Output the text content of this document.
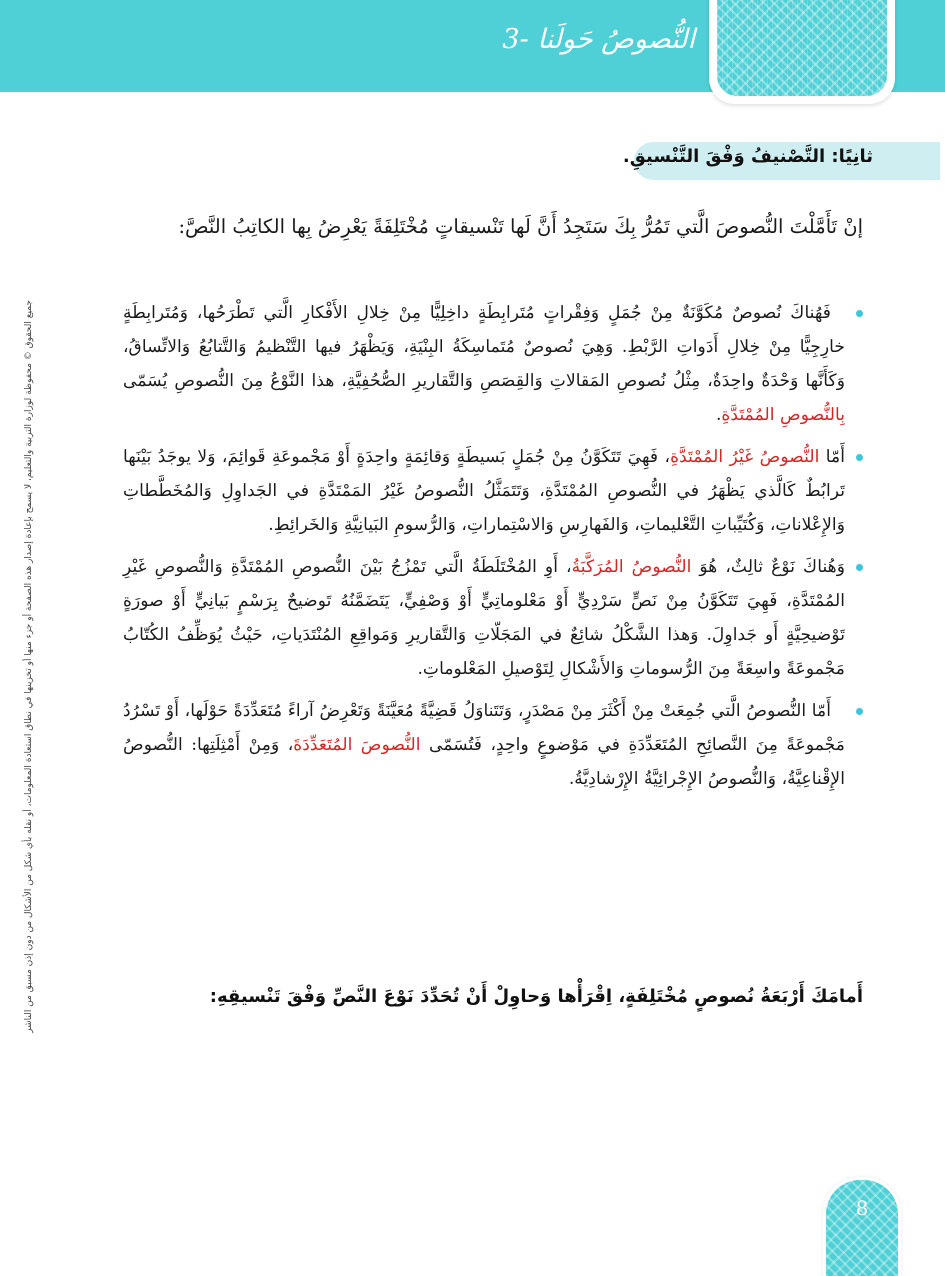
النُّصوصُ حَولَنا -3
ثانِيًا: التَّصْنيفُ وَفْقَ التَّنْسيقِ.
إنْ تَأَمَّلْتَ النُّصوصَ الَّتي تَمُرُّ بِكَ سَتَجِدُ أَنَّ لَها تَنْسيقاتٍ مُخْتَلِفَةً يَعْرِضُ بِها الكاتِبُ النَّصَّ:
فَهُناكَ نُصوصٌ مُكَوَّنَةٌ مِنْ جُمَلٍ وَفِقْراتٍ مُتَرابِطَةٍ داخِلِيًّا مِنْ خِلالِ الأَفْكارِ الَّتي تَطْرَحُها، وَمُتَرابِطَةٍ خارِجِيًّا مِنْ خِلالِ أَدَواتِ الرَّبْطِ. وَهِيَ نُصوصٌ مُتَماسِكَةُ البِنْيَةِ، وَيَظْهَرُ فيها التَّنْظيمُ وَالتَّتابُعُ وَالاتِّساقُ، وَكَأَنَّها وَحْدَةٌ واحِدَةٌ، مِثْلُ نُصوصِ المَقالاتِ وَالقِصَصِ وَالتَّقاريرِ الصُّحُفِيَّةِ، هذا النَّوْعُ مِنَ النُّصوصِ يُسَمّى بِالنُّصوصِ المُمْتَدَّةِ.
أَمّا النُّصوصُ غَيْرُ المُمْتَدَّةِ، فَهِيَ تَتَكَوَّنُ مِنْ جُمَلٍ بَسيطَةٍ وَقائِمَةٍ واحِدَةٍ أَوْ مَجْموعَةِ قَوائِمَ، وَلا يوجَدُ بَيْنَها تَرابُطٌ كَالَّذي يَظْهَرُ في النُّصوصِ المُمْتَدَّةِ، وَتَتَمَثَّلُ النُّصوصُ غَيْرُ المَمْتَدَّةِ في الجَداوِلِ وَالمُخَطَّطاتِ وَالإِعْلاناتِ، وَكُتَيِّباتِ التَّعْليماتِ، وَالفَهارِسِ وَالاسْتِماراتِ، وَالرُّسومِ البَيانِيَّةِ وَالخَرائِطِ.
وَهُناكَ نَوْعٌ ثالِثٌ، هُوَ النُّصوصُ المُرَكَّبَةُ، أَوِ المُخْتَلَطَةُ الَّتي تَمْزُجُ بَيْنَ النُّصوصِ المُمْتَدَّةِ وَالنُّصوصِ غَيْرِ المُمْتَدَّةِ، فَهِيَ تَتَكَوَّنُ مِنْ نَصٍّ سَرْدِيٍّ أَوْ مَعْلوماتِيٍّ أَوْ وَصْفِيٍّ، يَتَضَمَّنُهُ تَوضيحٌ بِرَسْمٍ بَيانِيٍّ أَوْ صورَةٍ تَوْضيحِيَّةٍ أَو جَداوِلَ. وَهذا الشَّكْلُ شائِعٌ في المَجَلّاتِ وَالتَّقاريرِ وَمَواقِعِ المُنْتَدَياتِ، حَيْثُ يُوَظِّفُ الكُتّابُ مَجْموعَةً واسِعَةً مِنَ الرُّسوماتِ وَالأَشْكالِ لِتَوْصيلِ المَعْلوماتِ.
أَمّا النُّصوصُ الَّتي جُمِعَتْ مِنْ أَكْثَرَ مِنْ مَصْدَرٍ، وَتَتَناوَلُ قَضِيَّةً مُعَيَّنَةً وَتَعْرِضُ آراءً مُتَعَدِّدَةً حَوْلَها، أَوْ تَسْرُدُ مَجْموعَةً مِنَ النَّصائِحِ المُتَعَدِّدَةِ في مَوْضوعٍ واحِدٍ، فَتُسَمّى النُّصوصَ المُتَعَدِّدَةَ، وَمِنْ أَمْثِلَتِها: النُّصوصُ الإِقْناعِيَّةُ، وَالنُّصوصُ الإِجْرائِيَّةُ الإِرْشادِيَّةُ.
أَمامَكَ أَرْبَعَةُ نُصوصٍ مُخْتَلِفَةٍ، اِقْرَأْها وَحاوِلْ أَنْ تُحَدِّدَ نَوْعَ النَّصِّ وَفْقَ تَنْسيقِهِ:
جميع الحقوق © محفوظة لوزارة التربية والتعليم، لا يسمح بإعادة إصدار هذه الصفحة أو جزء منها أو تخزينها في نطاق استعادة المعلومات، أو نقله بأي شكل من الأشكال من دون إذن مسبق من الناشر
8
